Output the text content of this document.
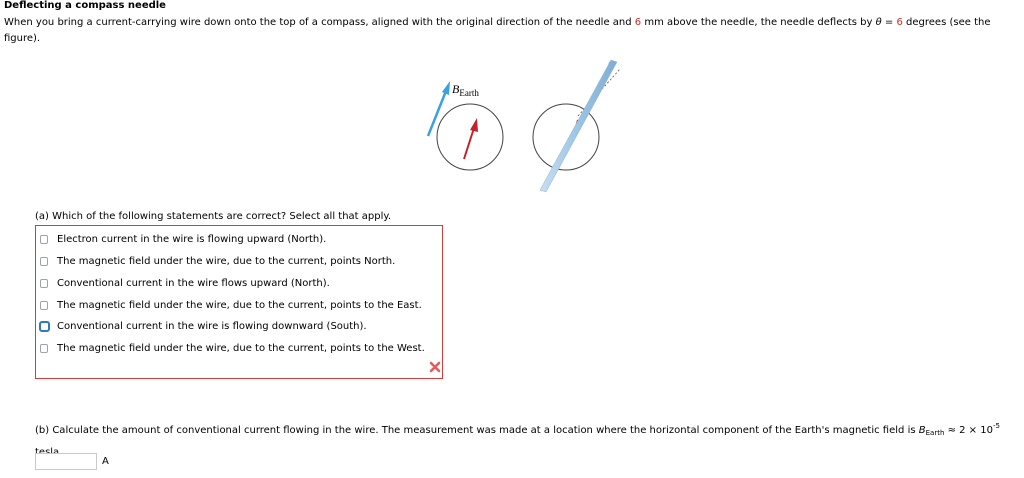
Deflecting a compass needle
When you bring a current-carrying wire down onto the top of a compass, aligned with the original direction of the needle and 6 mm above the needle, the needle deflects by θ = 6 degrees (see the figure).
$B_{Earth}$
(a) Which of the following statements are correct? Select all that apply.
Electron current in the wire is flowing upward (North).
The magnetic field under the wire, due to the current, points North.
Conventional current in the wire flows upward (North).
The magnetic field under the wire, due to the current, points to the East.
Conventional current in the wire is flowing downward (South).
The magnetic field under the wire, due to the current, points to the West.
(b) Calculate the amount of conventional current flowing in the wire. The measurement was made at a location where the horizontal component of the Earth's magnetic field is $B_{Earth} \approx 2 \times 10^{-5}$
A
